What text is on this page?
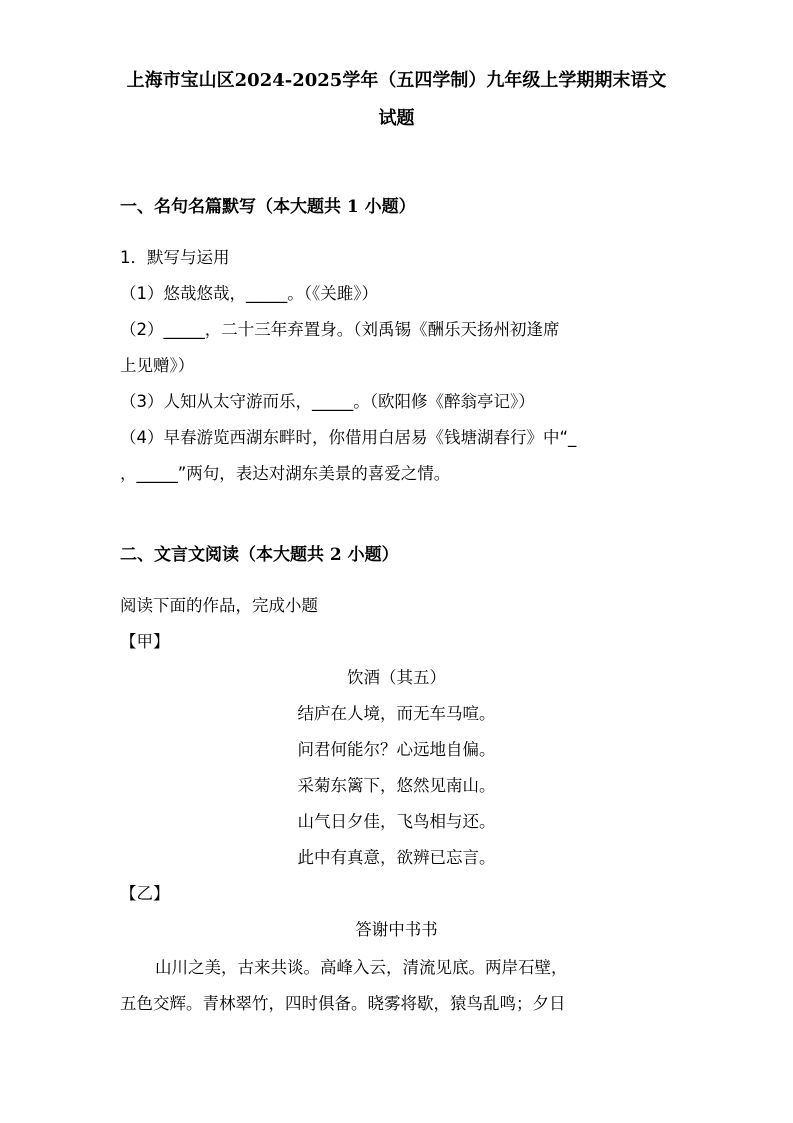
上海市宝山区2024-2025学年（五四学制）九年级上学期期末语文
试题
一、名句名篇默写（本大题共 1 小题）
1．默写与运用
（1）悠哉悠哉，_____。（《关雎》）
（2）_____，二十三年弃置身。（刘禹锡《酬乐天扬州初逢席
上见赠》）
（3）人知从太守游而乐，_____。（欧阳修《醉翁亭记》）
（4）早春游览西湖东畔时，你借用白居易《钱塘湖春行》中“_
，_____”两句，表达对湖东美景的喜爱之情。
二、文言文阅读（本大题共 2 小题）
阅读下面的作品，完成小题
【甲】
饮酒（其五）
结庐在人境，而无车马喧。
问君何能尔？心远地自偏。
采菊东篱下，悠然见南山。
山气日夕佳，飞鸟相与还。
此中有真意，欲辨已忘言。
【乙】
答谢中书书
山川之美，古来共谈。高峰入云，清流见底。两岸石壁，
五色交辉。青林翠竹，四时俱备。晓雾将歇，猿鸟乱鸣；夕日
